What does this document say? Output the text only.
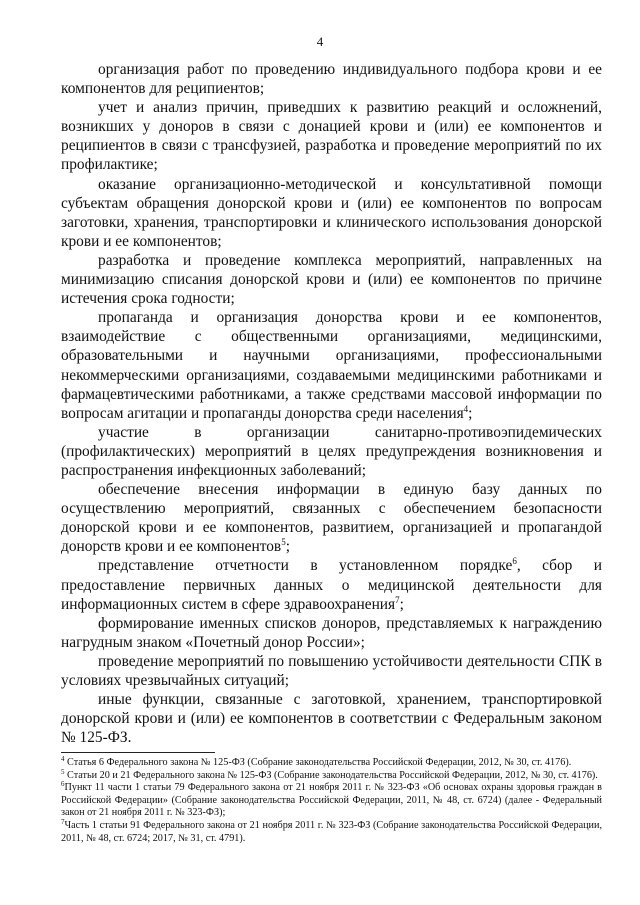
4

организация работ по проведению индивидуального подбора крови и ее компонентов для реципиентов;

учет и анализ причин, приведших к развитию реакций и осложнений, возникших у доноров в связи с донацией крови и (или) ее компонентов и реципиентов в связи с трансфузией, разработка и проведение мероприятий по их профилактике;

оказание организационно-методической и консультативной помощи субъектам обращения донорской крови и (или) ее компонентов по вопросам заготовки, хранения, транспортировки и клинического использования донорской крови и ее компонентов;

разработка и проведение комплекса мероприятий, направленных на минимизацию списания донорской крови и (или) ее компонентов по причине истечения срока годности;

пропаганда и организация донорства крови и ее компонентов, взаимодействие с общественными организациями, медицинскими, образовательными и научными организациями, профессиональными некоммерческими организациями, создаваемыми медицинскими работниками и фармацевтическими работниками, а также средствами массовой информации по вопросам агитации и пропаганды донорства среди населения$^4$;

участие в организации санитарно-противоэпидемических (профилактических) мероприятий в целях предупреждения возникновения и распространения инфекционных заболеваний;

обеспечение внесения информации в единую базу данных по осуществлению мероприятий, связанных с обеспечением безопасности донорской крови и ее компонентов, развитием, организацией и пропагандой донорств крови и ее компонентов$^5$;

представление отчетности в установленном порядке$^6$, сбор и предоставление первичных данных о медицинской деятельности для информационных систем в сфере здравоохранения$^7$;

формирование именных списков доноров, представляемых к награждению нагрудным знаком «Почетный донор России»;

проведение мероприятий по повышению устойчивости деятельности СПК в условиях чрезвычайных ситуаций;

иные функции, связанные с заготовкой, хранением, транспортировкой донорской крови и (или) ее компонентов в соответствии с Федеральным законом № 125-ФЗ.

$^4$ Статья 6 Федерального закона № 125-ФЗ (Собрание законодательства Российской Федерации, 2012, № 30, ст. 4176).

$^5$ Статьи 20 и 21 Федерального закона № 125-ФЗ (Собрание законодательства Российской Федерации, 2012, № 30, ст. 4176).

$^6$Пункт 11 части 1 статьи 79 Федерального закона от 21 ноября 2011 г. № 323-ФЗ «Об основах охраны здоровья граждан в Российской Федерации» (Собрание законодательства Российской Федерации, 2011, № 48, ст. 6724) (далее - Федеральный закон от 21 ноября 2011 г. № 323-ФЗ);

$^7$Часть 1 статьи 91 Федерального закона от 21 ноября 2011 г. № 323-ФЗ (Собрание законодательства Российской Федерации, 2011, № 48, ст. 6724; 2017, № 31, ст. 4791).
